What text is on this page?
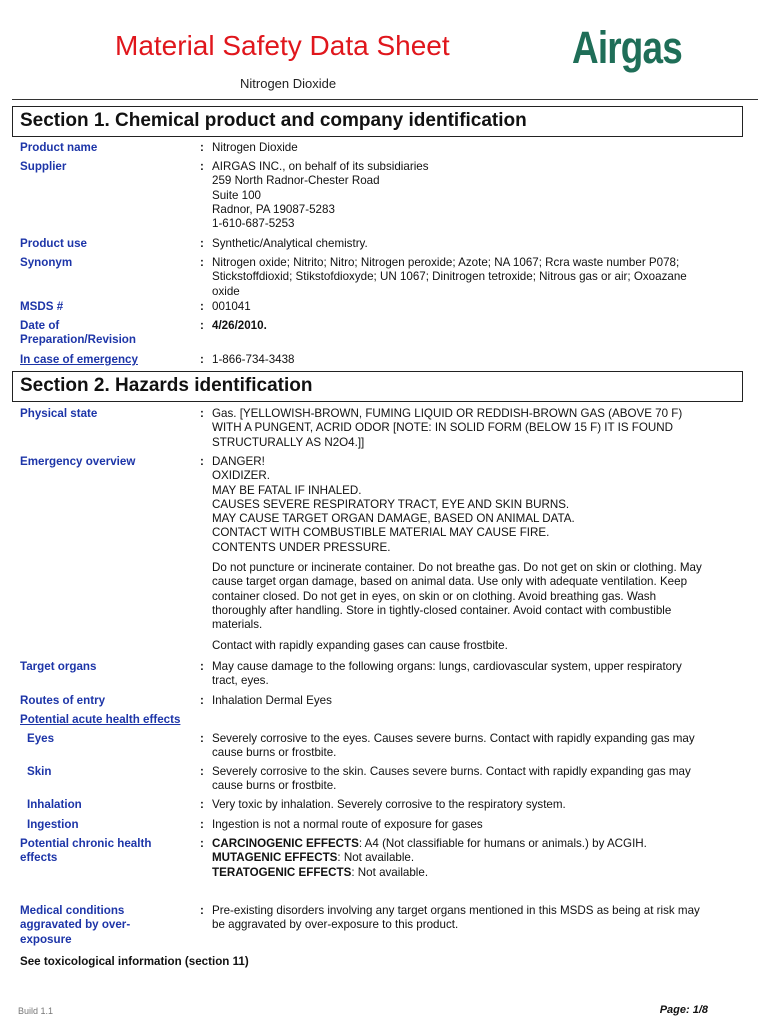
Material Safety Data Sheet
Nitrogen Dioxide
Airgas
Section 1. Chemical product and company identification
Product name	: Nitrogen Dioxide
Supplier	: AIRGAS INC., on behalf of its subsidiaries

259 North Radnor-Chester Road

Suite 100

Radnor, PA 19087-5283

1-610-687-5253

Product use	: Synthetic/Analytical chemistry.
Synonym	: Nitrogen oxide; Nitrito; Nitro; Nitrogen peroxide; Azote; NA 1067; Rcra waste number P078; Stickstoffdioxid; Stikstofdioxyde; UN 1067; Dinitrogen tetroxide; Nitrous gas or air; Oxoazane oxide
MSDS #	: 001041
Date of Preparation/Revision
: 4/26/2010.
In case of emergency	: 1-866-734-3438
Section 2. Hazards identification
Physical state	: Gas. [YELLOWISH-BROWN, FUMING LIQUID OR REDDISH-BROWN GAS (ABOVE 70 F) WITH A PUNGENT, ACRID ODOR [NOTE: IN SOLID FORM (BELOW 15 F) IT IS FOUND STRUCTURALLY AS N2O4.]]
Emergency overview	: DANGER!

OXIDIZER.

MAY BE FATAL IF INHALED.

CAUSES SEVERE RESPIRATORY TRACT, EYE AND SKIN BURNS.

MAY CAUSE TARGET ORGAN DAMAGE, BASED ON ANIMAL DATA.

CONTACT WITH COMBUSTIBLE MATERIAL MAY CAUSE FIRE.

CONTENTS UNDER PRESSURE.

Do not puncture or incinerate container. Do not breathe gas. Do not get on skin or clothing. May cause target organ damage, based on animal data. Use only with adequate ventilation. Keep container closed. Do not get in eyes, on skin or on clothing. Avoid breathing gas. Wash thoroughly after handling. Store in tightly-closed container. Avoid contact with combustible materials.

Contact with rapidly expanding gases can cause frostbite.

Target organs	: May cause damage to the following organs: lungs, cardiovascular system, upper respiratory tract, eyes.
Routes of entry	: Inhalation Dermal Eyes
Potential acute health effects
Eyes	: Severely corrosive to the eyes. Causes severe burns. Contact with rapidly expanding gas may cause burns or frostbite.
Skin	: Severely corrosive to the skin. Causes severe burns. Contact with rapidly expanding gas may cause burns or frostbite.
Inhalation	: Very toxic by inhalation. Severely corrosive to the respiratory system.
Ingestion	: Ingestion is not a normal route of exposure for gases
Potential chronic health effects
: CARCINOGENIC EFFECTS: A4 (Not classifiable for humans or animals.) by ACGIH.

MUTAGENIC EFFECTS: Not available.

TERATOGENIC EFFECTS: Not available.

Medical conditions aggravated by over-exposure
: Pre-existing disorders involving any target organs mentioned in this MSDS as being at risk may be aggravated by over-exposure to this product.
See toxicological information (section 11)
Build 1.1	Page: 1/8
